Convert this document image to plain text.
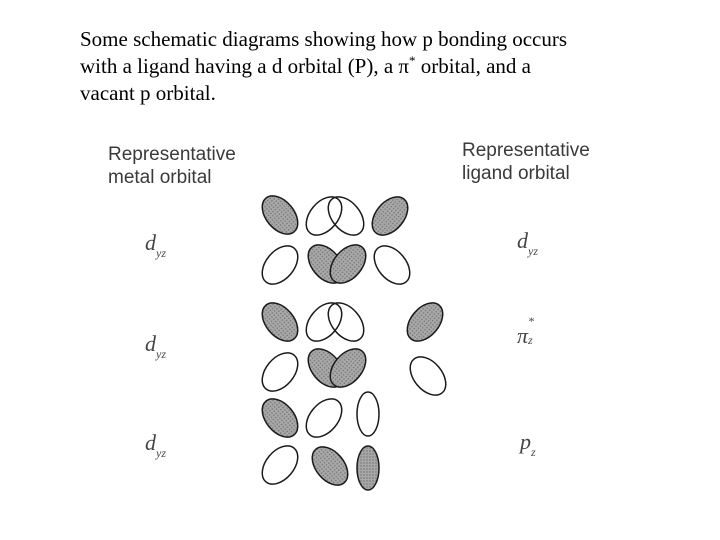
Some schematic diagrams showing how p bonding occurs
with a ligand having a d orbital (P), a π* orbital, and a
vacant p orbital.
Representative
metal orbital
Representative
ligand orbital
$d_{yz}$
$d_{yz}$
$d_{yz}$
$d_{yz}$
π
*
z
$p_z$
